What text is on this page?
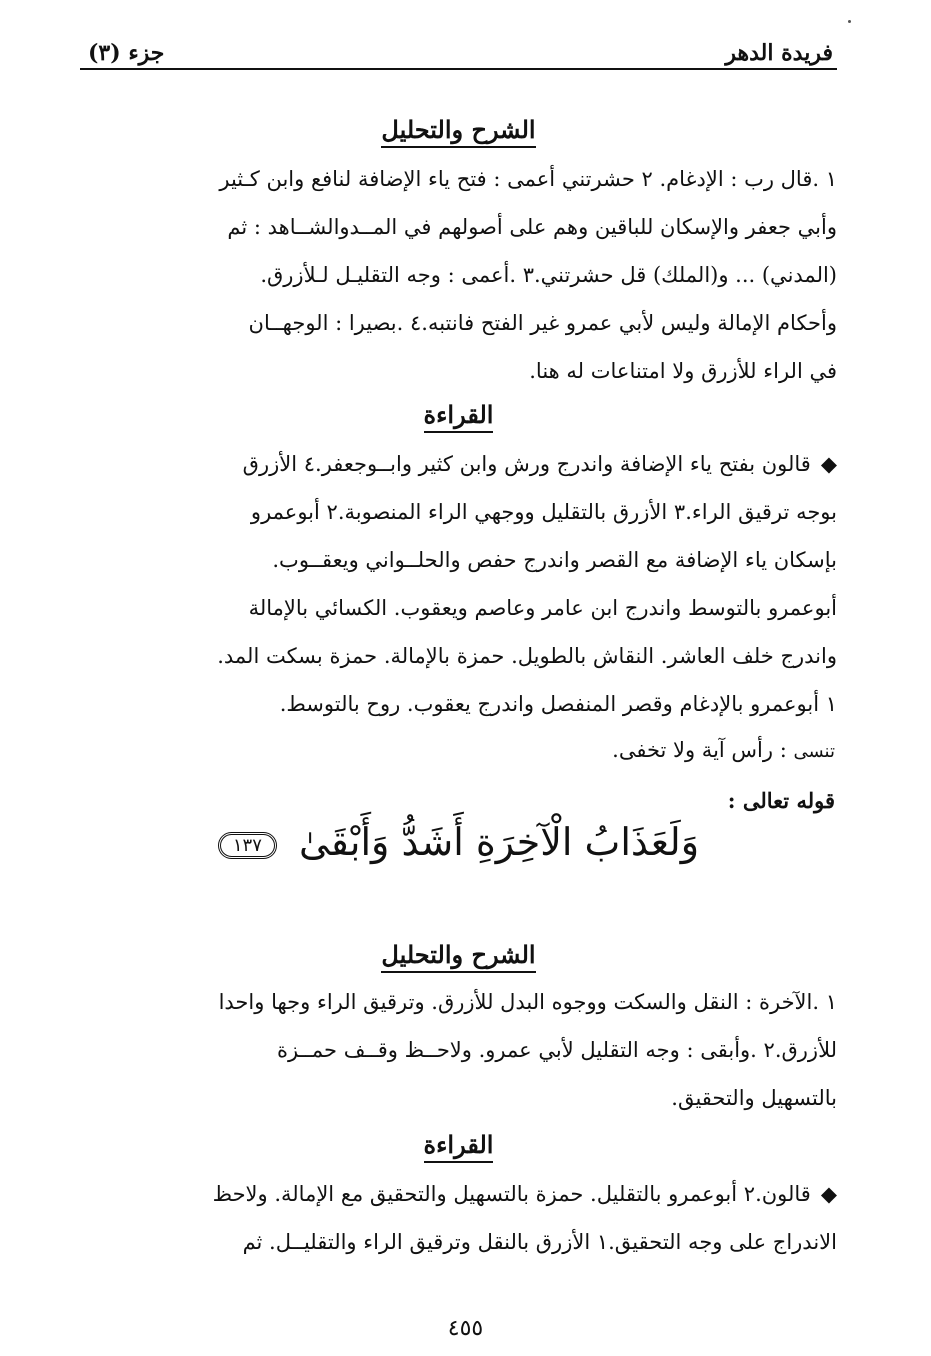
فريدة الدهر
جزء (٣)
الشرح والتحليل
١ .قال رب : الإدغام. ٢ حشرتني أعمى : فتح ياء الإضافة لنافع وابن كـثير
وأبي جعفر والإسكان للباقين وهم على أصولهم في المــدوالشــاهد : ثم
(المدني) ... و(الملك) قل حشرتني.٣ .أعمى : وجه التقليـل لـلأزرق.
وأحكام الإمالة وليس لأبي عمرو غير الفتح فانتبه.٤ .بصيرا : الوجهــان
في الراء للأزرق ولا امتناعات له هنا.
القراءة
◆قالون بفتح ياء الإضافة واندرج ورش وابن كثير وابــوجعفر.٤ الأزرق
بوجه ترقيق الراء.٣ الأزرق بالتقليل ووجهي الراء المنصوبة.٢ أبوعمرو
بإسكان ياء الإضافة مع القصر واندرج حفص والحلــواني ويعقــوب.
أبوعمرو بالتوسط واندرج ابن عامر وعاصم ويعقوب. الكسائي بالإمالة
واندرج خلف العاشر. النقاش بالطويل. حمزة بالإمالة. حمزة بسكت المد.
١ أبوعمرو بالإدغام وقصر المنفصل واندرج يعقوب. روح بالتوسط.
تنسى : رأس آية ولا تخفى.
قوله تعالى :
وَلَعَذَابُ الْآخِرَةِ أَشَدُّ وَأَبْقَىٰ ١٣٧
الشرح والتحليل
١ .الآخرة : النقل والسكت ووجوه البدل للأزرق. وترقيق الراء وجها واحدا
للأزرق.٢ .وأبقى : وجه التقليل لأبي عمرو. ولاحــظ وقــف حمــزة
بالتسهيل والتحقيق.
القراءة
◆قالون.٢ أبوعمرو بالتقليل. حمزة بالتسهيل والتحقيق مع الإمالة. ولاحظ
الاندراج على وجه التحقيق.١ الأزرق بالنقل وترقيق الراء والتقليــل. ثم
٤٥٥
